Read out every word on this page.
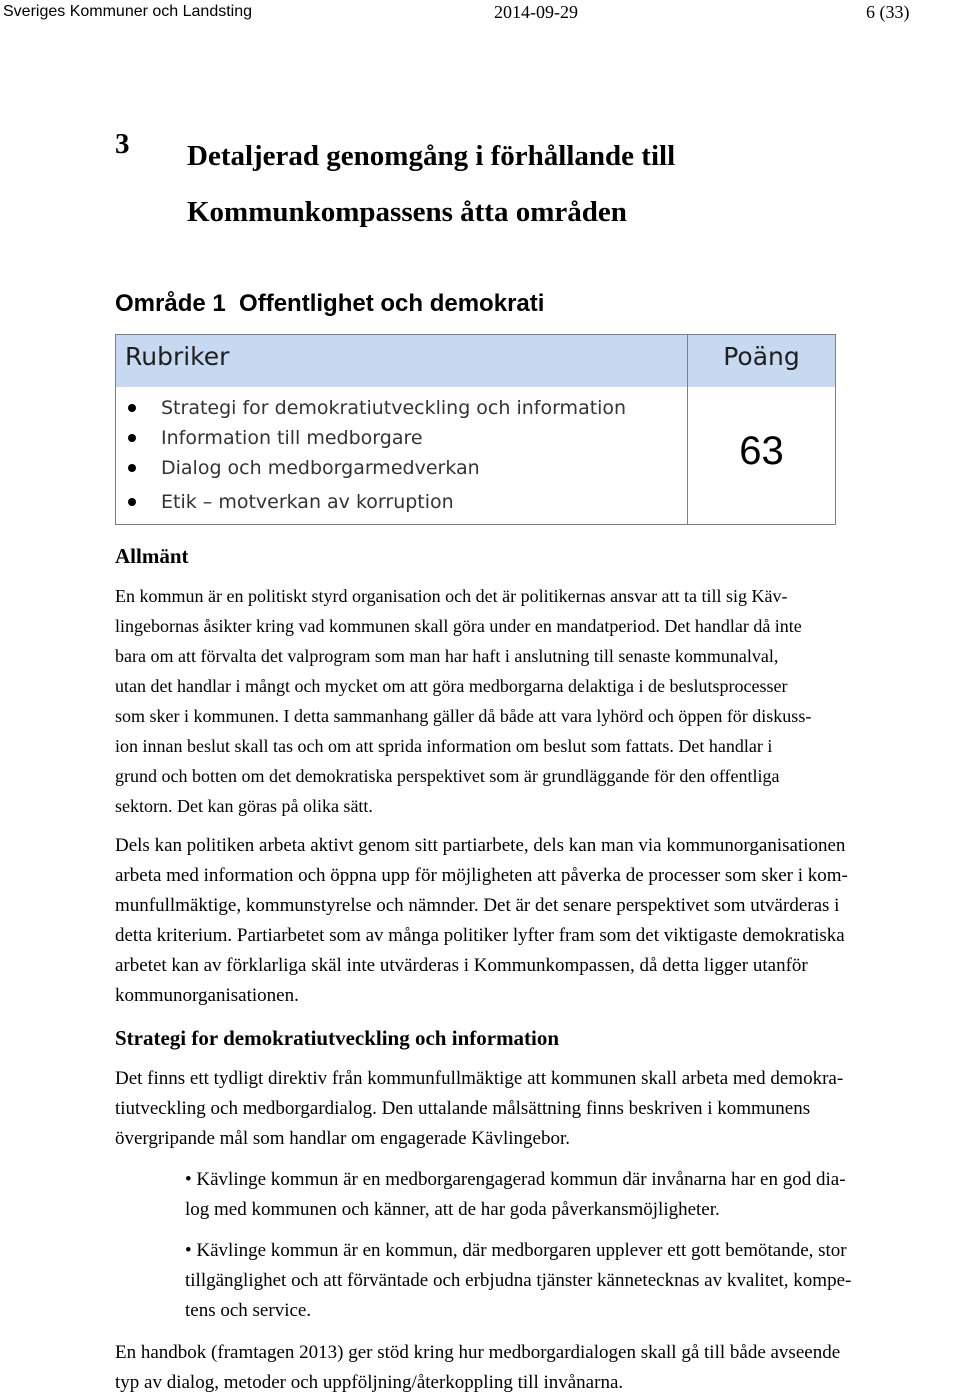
Sveriges Kommuner och Landsting	2014-09-29	6 (33)
3 Detaljerad genomgång i förhållande till
Kommunkompassens åtta områden
Område 1  Offentlighet och demokrati
Rubriker	Poäng
Strategi for demokratiutveckling och information
Information till medborgare
Dialog och medborgarmedverkan
Etik – motverkan av korruption
63
Allmänt
En kommun är en politiskt styrd organisation och det är politikernas ansvar att ta till sig Käv-
lingebornas åsikter kring vad kommunen skall göra under en mandatperiod. Det handlar då inte
bara om att förvalta det valprogram som man har haft i anslutning till senaste kommunalval,
utan det handlar i mångt och mycket om att göra medborgarna delaktiga i de beslutsprocesser
som sker i kommunen. I detta sammanhang gäller då både att vara lyhörd och öppen för diskuss-
ion innan beslut skall tas och om att sprida information om beslut som fattats. Det handlar i
grund och botten om det demokratiska perspektivet som är grundläggande för den offentliga
sektorn. Det kan göras på olika sätt.
Dels kan politiken arbeta aktivt genom sitt partiarbete, dels kan man via kommunorganisationen
arbeta med information och öppna upp för möjligheten att påverka de processer som sker i kom-
munfullmäktige, kommunstyrelse och nämnder. Det är det senare perspektivet som utvärderas i
detta kriterium. Partiarbetet som av många politiker lyfter fram som det viktigaste demokratiska
arbetet kan av förklarliga skäl inte utvärderas i Kommunkompassen, då detta ligger utanför
kommunorganisationen.
Strategi for demokratiutveckling och information
Det finns ett tydligt direktiv från kommunfullmäktige att kommunen skall arbeta med demokra-
tiutveckling och medborgardialog. Den uttalande målsättning finns beskriven i kommunens
övergripande mål som handlar om engagerade Kävlingebor.
• Kävlinge kommun är en medborgarengagerad kommun där invånarna har en god dia-
log med kommunen och känner, att de har goda påverkansmöjligheter.
• Kävlinge kommun är en kommun, där medborgaren upplever ett gott bemötande, stor
tillgänglighet och att förväntade och erbjudna tjänster kännetecknas av kvalitet, kompe-
tens och service.
En handbok (framtagen 2013) ger stöd kring hur medborgardialogen skall gå till både avseende
typ av dialog, metoder och uppföljning/återkoppling till invånarna.
